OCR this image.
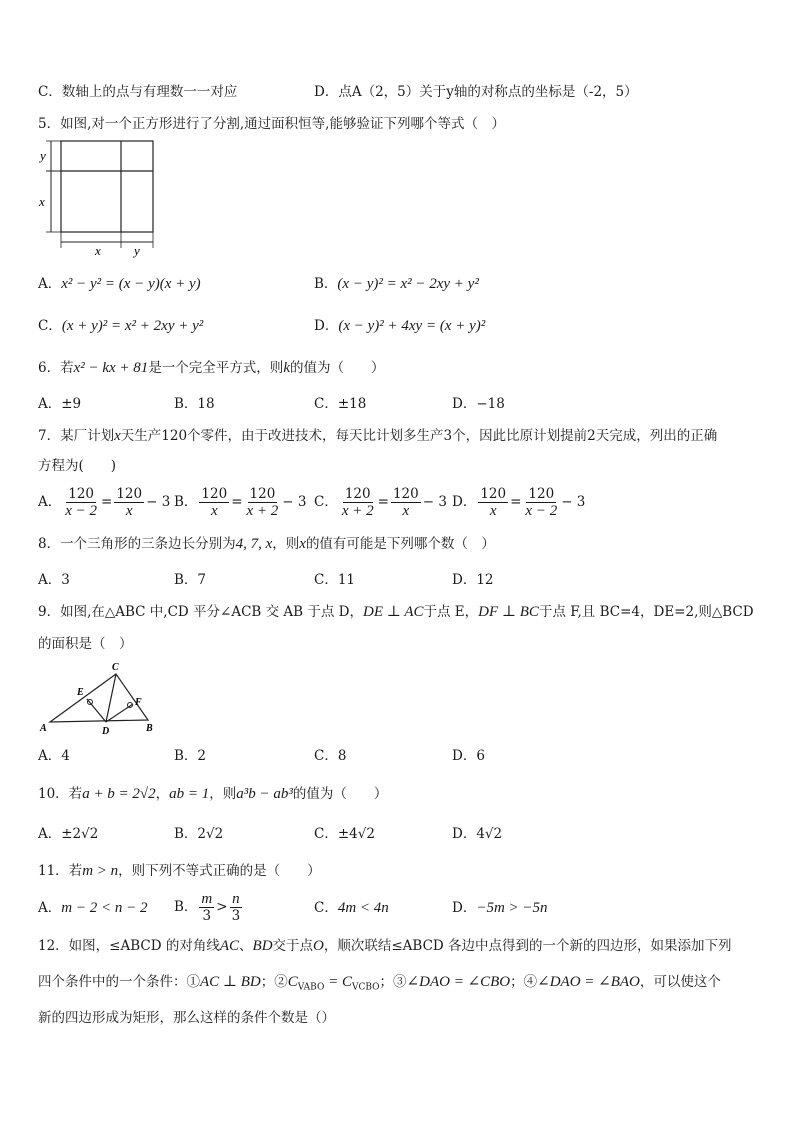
C．数轴上的点与有理数一一对应	D．点A（2，5）关于y轴的对称点的坐标是（-2，5）
5．如图,对一个正方形进行了分割,通过面积恒等,能够验证下列哪个等式（　）
y
x
x	y
A．x² − y² = (x − y)(x + y)	B．(x − y)² = x² − 2xy + y²
C．(x + y)² = x² + 2xy + y²	D．(x − y)² + 4xy = (x + y)²
6．若x² − kx + 81是一个完全平方式，则k的值为（　　）
A．±9	B．18	C．±18	D．−18
7．某厂计划x天生产120个零件，由于改进技术，每天比计划多生产3个，因此比原计划提前2天完成，列出的正确
方程为(　　)
A． $\frac{120}{x - 2} = \frac{120}{x} - 3$ B． $\frac{120}{x} = \frac{120}{x + 2} - 3$ C． $\frac{120}{x + 2} = \frac{120}{x} - 3$ D． $\frac{120}{x} = \frac{120}{x - 2} - 3$
8．一个三角形的三条边长分别为4, 7, x，则x的值有可能是下列哪个数（　）
A．3	B．7	C．11	D．12
9．如图,在△ABC 中,CD 平分∠ACB 交 AB 于点 D，DE ⊥ AC于点 E，DF ⊥ BC于点 F,且 BC=4，DE=2,则△BCD
的面积是（　）
C
E
F
A	D	B
A．4	B．2	C．8	D．6
10．若a + b = 2√2，ab = 1，则a³b − ab³的值为（　　）
A．±2√2	B．2√2	C．±4√2	D．4√2
11．若m > n，则下列不等式正确的是（　　）
A．m − 2 < n − 2 B． $\frac{m}{3} > \frac{n}{3}$	C．4m < 4n	D．−5m > −5n
12．如图，≤ABCD 的对角线AC、BD交于点O，顺次联结≤ABCD 各边中点得到的一个新的四边形，如果添加下列
四个条件中的一个条件：①AC ⊥ BD；$②C_{VABO} = C_{VCBO}$；③∠DAO = ∠CBO；④∠DAO = ∠BAO，可以使这个
新的四边形成为矩形，那么这样的条件个数是（）
